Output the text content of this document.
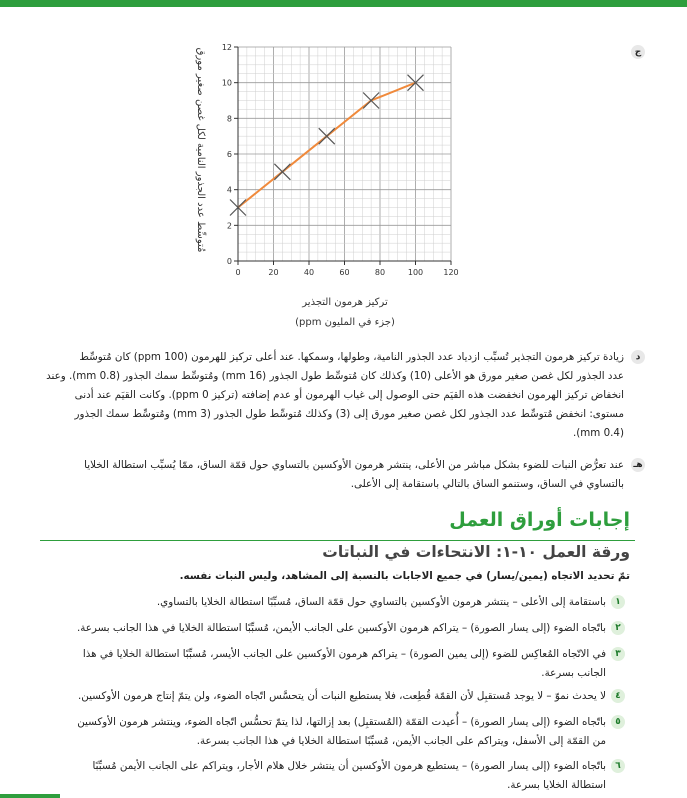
ج
0	20	40	60	80	100	120
0
2
4
6
8
10
12
تركيز هرمون التجذير
(جزء في المليون ppm)
مُتوسِّط عدد الجذور النامية لكل غصن صغير مورق
د
زيادة تركيز هرمون التجذير تُسبِّب ازدياد عدد الجذور النامية، وطولها، وسمكها. عند أعلى تركيز للهرمون (100 ppm) كان مُتوسِّط
عدد الجذور لكل غصن صغير مورق هو الأعلى (10) وكذلك كان مُتوسِّط طول الجذور (16 mm) ومُتوسِّط سمك الجذور (0.8 mm). وعند
انخفاض تركيز الهرمون انخفضت هذه القيَم حتى الوصول إلى غياب الهرمون أو عدم إضافته (تركيز 0 ppm). وكانت القيَم عند أدنى
مستوى: انخفض مُتوسِّط عدد الجذور لكل غصن صغير مورق إلى (3) وكذلك مُتوسِّط طول الجذور (3 mm) ومُتوسِّط سمك الجذور
(0.4 mm).
هـ
عند تعرُّض النبات للضوء بشكل مباشر من الأعلى، ينتشر هرمون الأوكسين بالتساوي حول قمّة الساق، ممّا يُسبِّب استطالة الخلايا
بالتساوي في الساق، وستنمو الساق بالتالي باستقامة إلى الأعلى.
إجابات أوراق العمل
ورقة العمل ١٠-١: الانتحاءات في النباتات
تمّ تحديد الاتجاه (يمين/يسار) في جميع الاجابات بالنسبة إلى المشاهد، وليس النبات نفسه.
١
باستقامة إلى الأعلى – ينتشر هرمون الأوكسين بالتساوي حول قمّة الساق، مُسبِّبًا استطالة الخلايا بالتساوي.
٢
باتّجاه الضوء (إلى يسار الصورة) – يتراكم هرمون الأوكسين على الجانب الأيمن، مُسبِّبًا استطالة الخلايا في هذا الجانب بسرعة.
٣
في الاتّجاه المُعاكِس للضوء (إلى يمين الصورة) – يتراكم هرمون الأوكسين على الجانب الأيسر، مُسبِّبًا استطالة الخلايا في هذا
الجانب بسرعة.
٤
لا يحدث نموّ – لا يوجد مُستقبِل لأن القمّة قُطِعت، فلا يستطيع النبات أن يتحسَّس اتّجاه الضوء، ولن يتمّ إنتاج هرمون الأوكسين.
٥
باتّجاه الضوء (إلى يسار الصورة) – أُعيدت القمّة (المُستقبِل) بعد إزالتها، لذا يتمّ تحسُّس اتّجاه الضوء، وينتشر هرمون الأوكسين
من القمّة إلى الأسفل، ويتراكم على الجانب الأيمن، مُسبِّبًا استطالة الخلايا في هذا الجانب بسرعة.
٦
باتّجاه الضوء (إلى يسار الصورة) – يستطيع هرمون الأوكسين أن ينتشر خلال هلام الأجار، ويتراكم على الجانب الأيمن مُسبِّبًا
استطالة الخلايا بسرعة.
